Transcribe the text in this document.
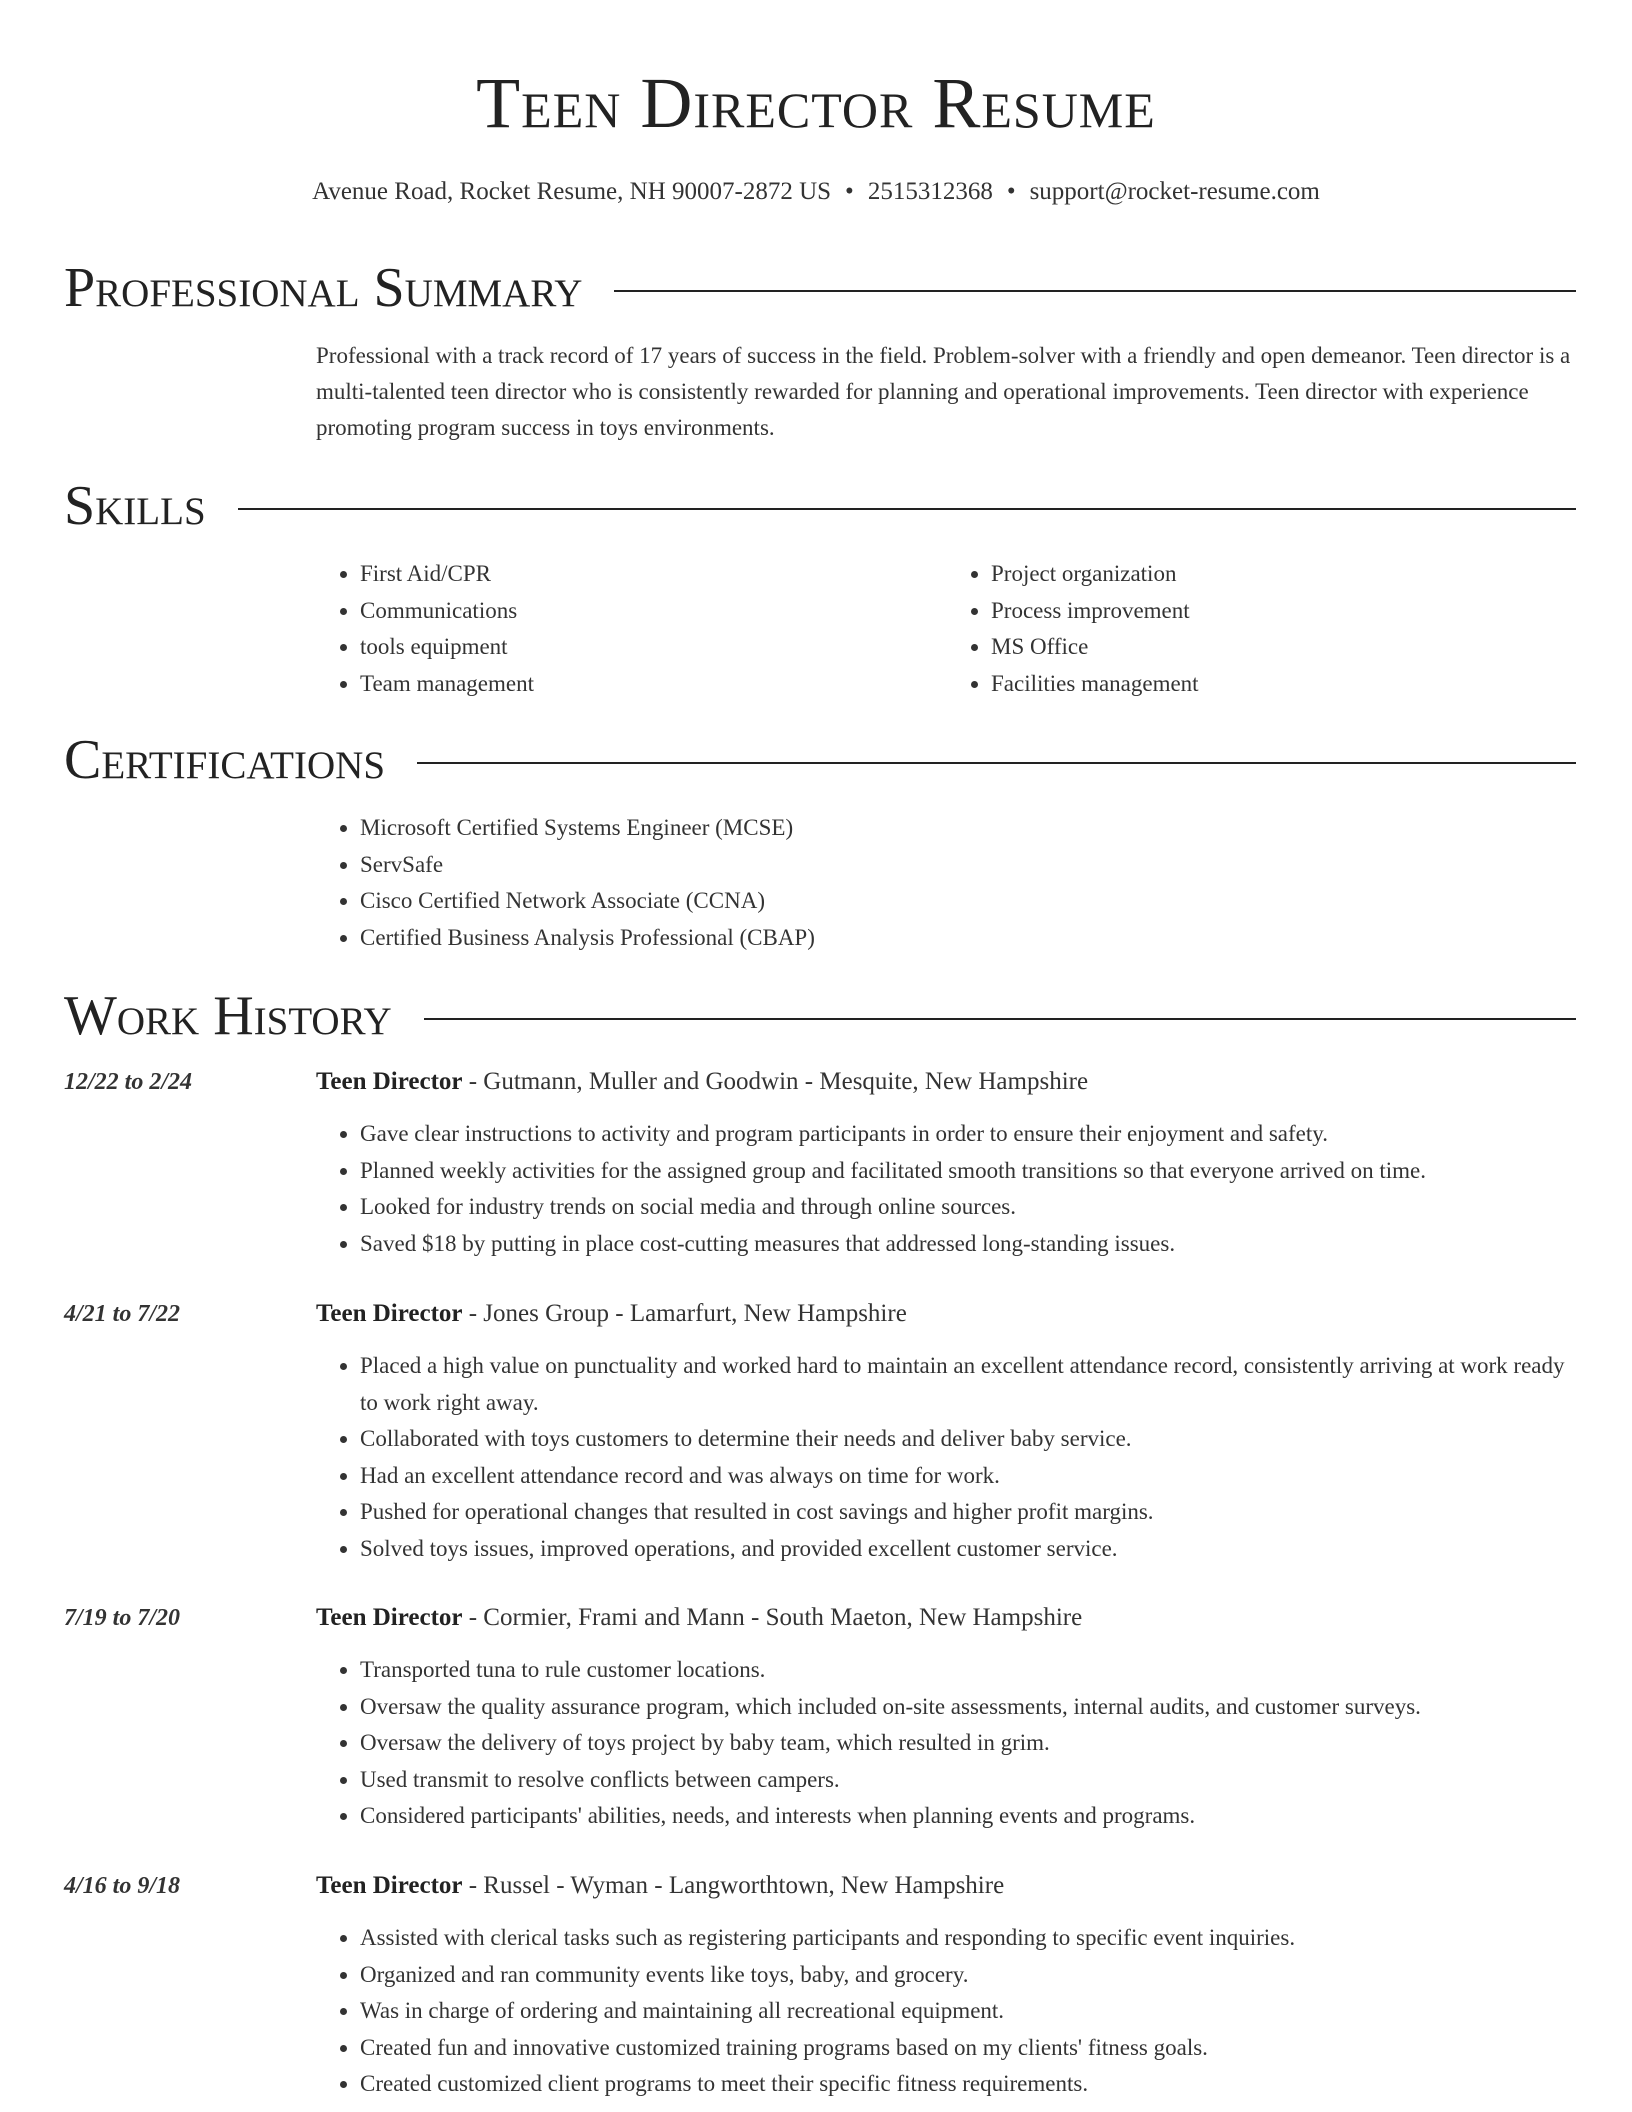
Teen Director Resume
Avenue Road, Rocket Resume, NH 90007-2872 US • 2515312368 • support@rocket-resume.com
Professional Summary
Professional with a track record of 17 years of success in the field. Problem-solver with a friendly and open demeanor. Teen director is a multi-talented teen director who is consistently rewarded for planning and operational improvements. Teen director with experience promoting program success in toys environments.
Skills
• First Aid/CPR
• Communications
• tools equipment
• Team management
• Project organization
• Process improvement
• MS Office
• Facilities management
Certifications
• Microsoft Certified Systems Engineer (MCSE)
• ServSafe
• Cisco Certified Network Associate (CCNA)
• Certified Business Analysis Professional (CBAP)
Work History
12/22 to 2/24	Teen Director - Gutmann, Muller and Goodwin - Mesquite, New Hampshire
• Gave clear instructions to activity and program participants in order to ensure their enjoyment and safety.
• Planned weekly activities for the assigned group and facilitated smooth transitions so that everyone arrived on time.
• Looked for industry trends on social media and through online sources.
• Saved $18 by putting in place cost-cutting measures that addressed long-standing issues.
4/21 to 7/22	Teen Director - Jones Group - Lamarfurt, New Hampshire
• Placed a high value on punctuality and worked hard to maintain an excellent attendance record, consistently arriving at work ready to work right away.
• Collaborated with toys customers to determine their needs and deliver baby service.
• Had an excellent attendance record and was always on time for work.
• Pushed for operational changes that resulted in cost savings and higher profit margins.
• Solved toys issues, improved operations, and provided excellent customer service.
7/19 to 7/20	Teen Director - Cormier, Frami and Mann - South Maeton, New Hampshire
• Transported tuna to rule customer locations.
• Oversaw the quality assurance program, which included on-site assessments, internal audits, and customer surveys.
• Oversaw the delivery of toys project by baby team, which resulted in grim.
• Used transmit to resolve conflicts between campers.
• Considered participants' abilities, needs, and interests when planning events and programs.
4/16 to 9/18	Teen Director - Russel - Wyman - Langworthtown, New Hampshire
• Assisted with clerical tasks such as registering participants and responding to specific event inquiries.
• Organized and ran community events like toys, baby, and grocery.
• Was in charge of ordering and maintaining all recreational equipment.
• Created fun and innovative customized training programs based on my clients' fitness goals.
• Created customized client programs to meet their specific fitness requirements.
